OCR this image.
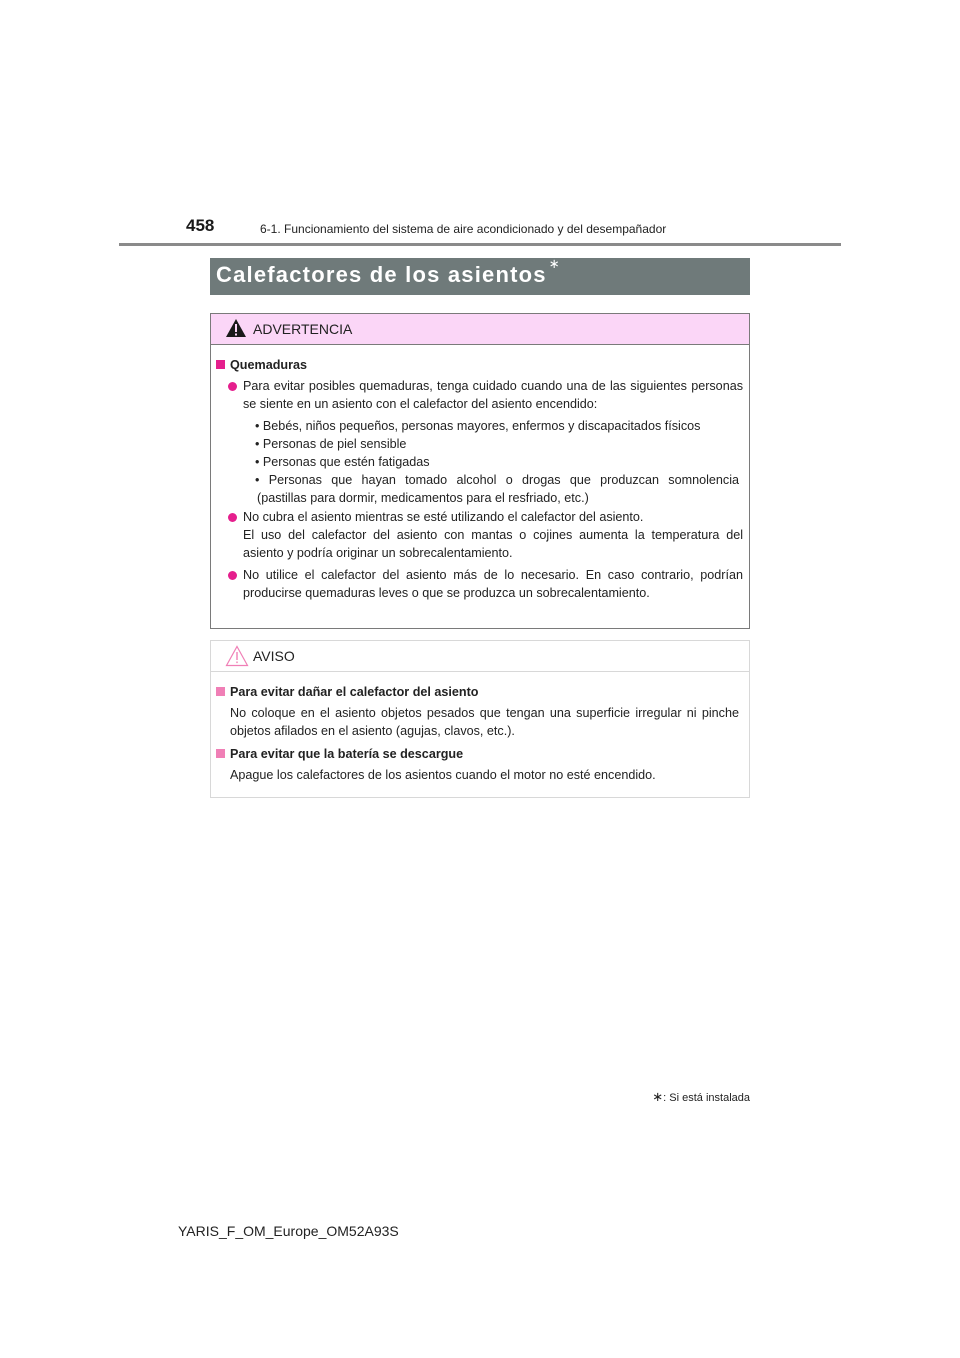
458	6-1. Funcionamiento del sistema de aire acondicionado y del desempañador
Calefactores de los asientos ∗
ADVERTENCIA
Quemaduras
Para evitar posibles quemaduras, tenga cuidado cuando una de las siguientes personas se siente en un asiento con el calefactor del asiento encendido:
• Bebés, niños pequeños, personas mayores, enfermos y discapacitados físicos
• Personas de piel sensible
• Personas que estén fatigadas
• Personas que hayan tomado alcohol o drogas que produzcan somnolencia
(pastillas para dormir, medicamentos para el resfriado, etc.)
No cubra el asiento mientras se esté utilizando el calefactor del asiento.
El uso del calefactor del asiento con mantas o cojines aumenta la temperatura del asiento y podría originar un sobrecalentamiento.
No utilice el calefactor del asiento más de lo necesario. En caso contrario, podrían producirse quemaduras leves o que se produzca un sobrecalentamiento.
AVISO
Para evitar dañar el calefactor del asiento
No coloque en el asiento objetos pesados que tengan una superficie irregular ni pinche objetos afilados en el asiento (agujas, clavos, etc.).
Para evitar que la batería se descargue
Apague los calefactores de los asientos cuando el motor no esté encendido.
∗: Si está instalada
YARIS_F_OM_Europe_OM52A93S
